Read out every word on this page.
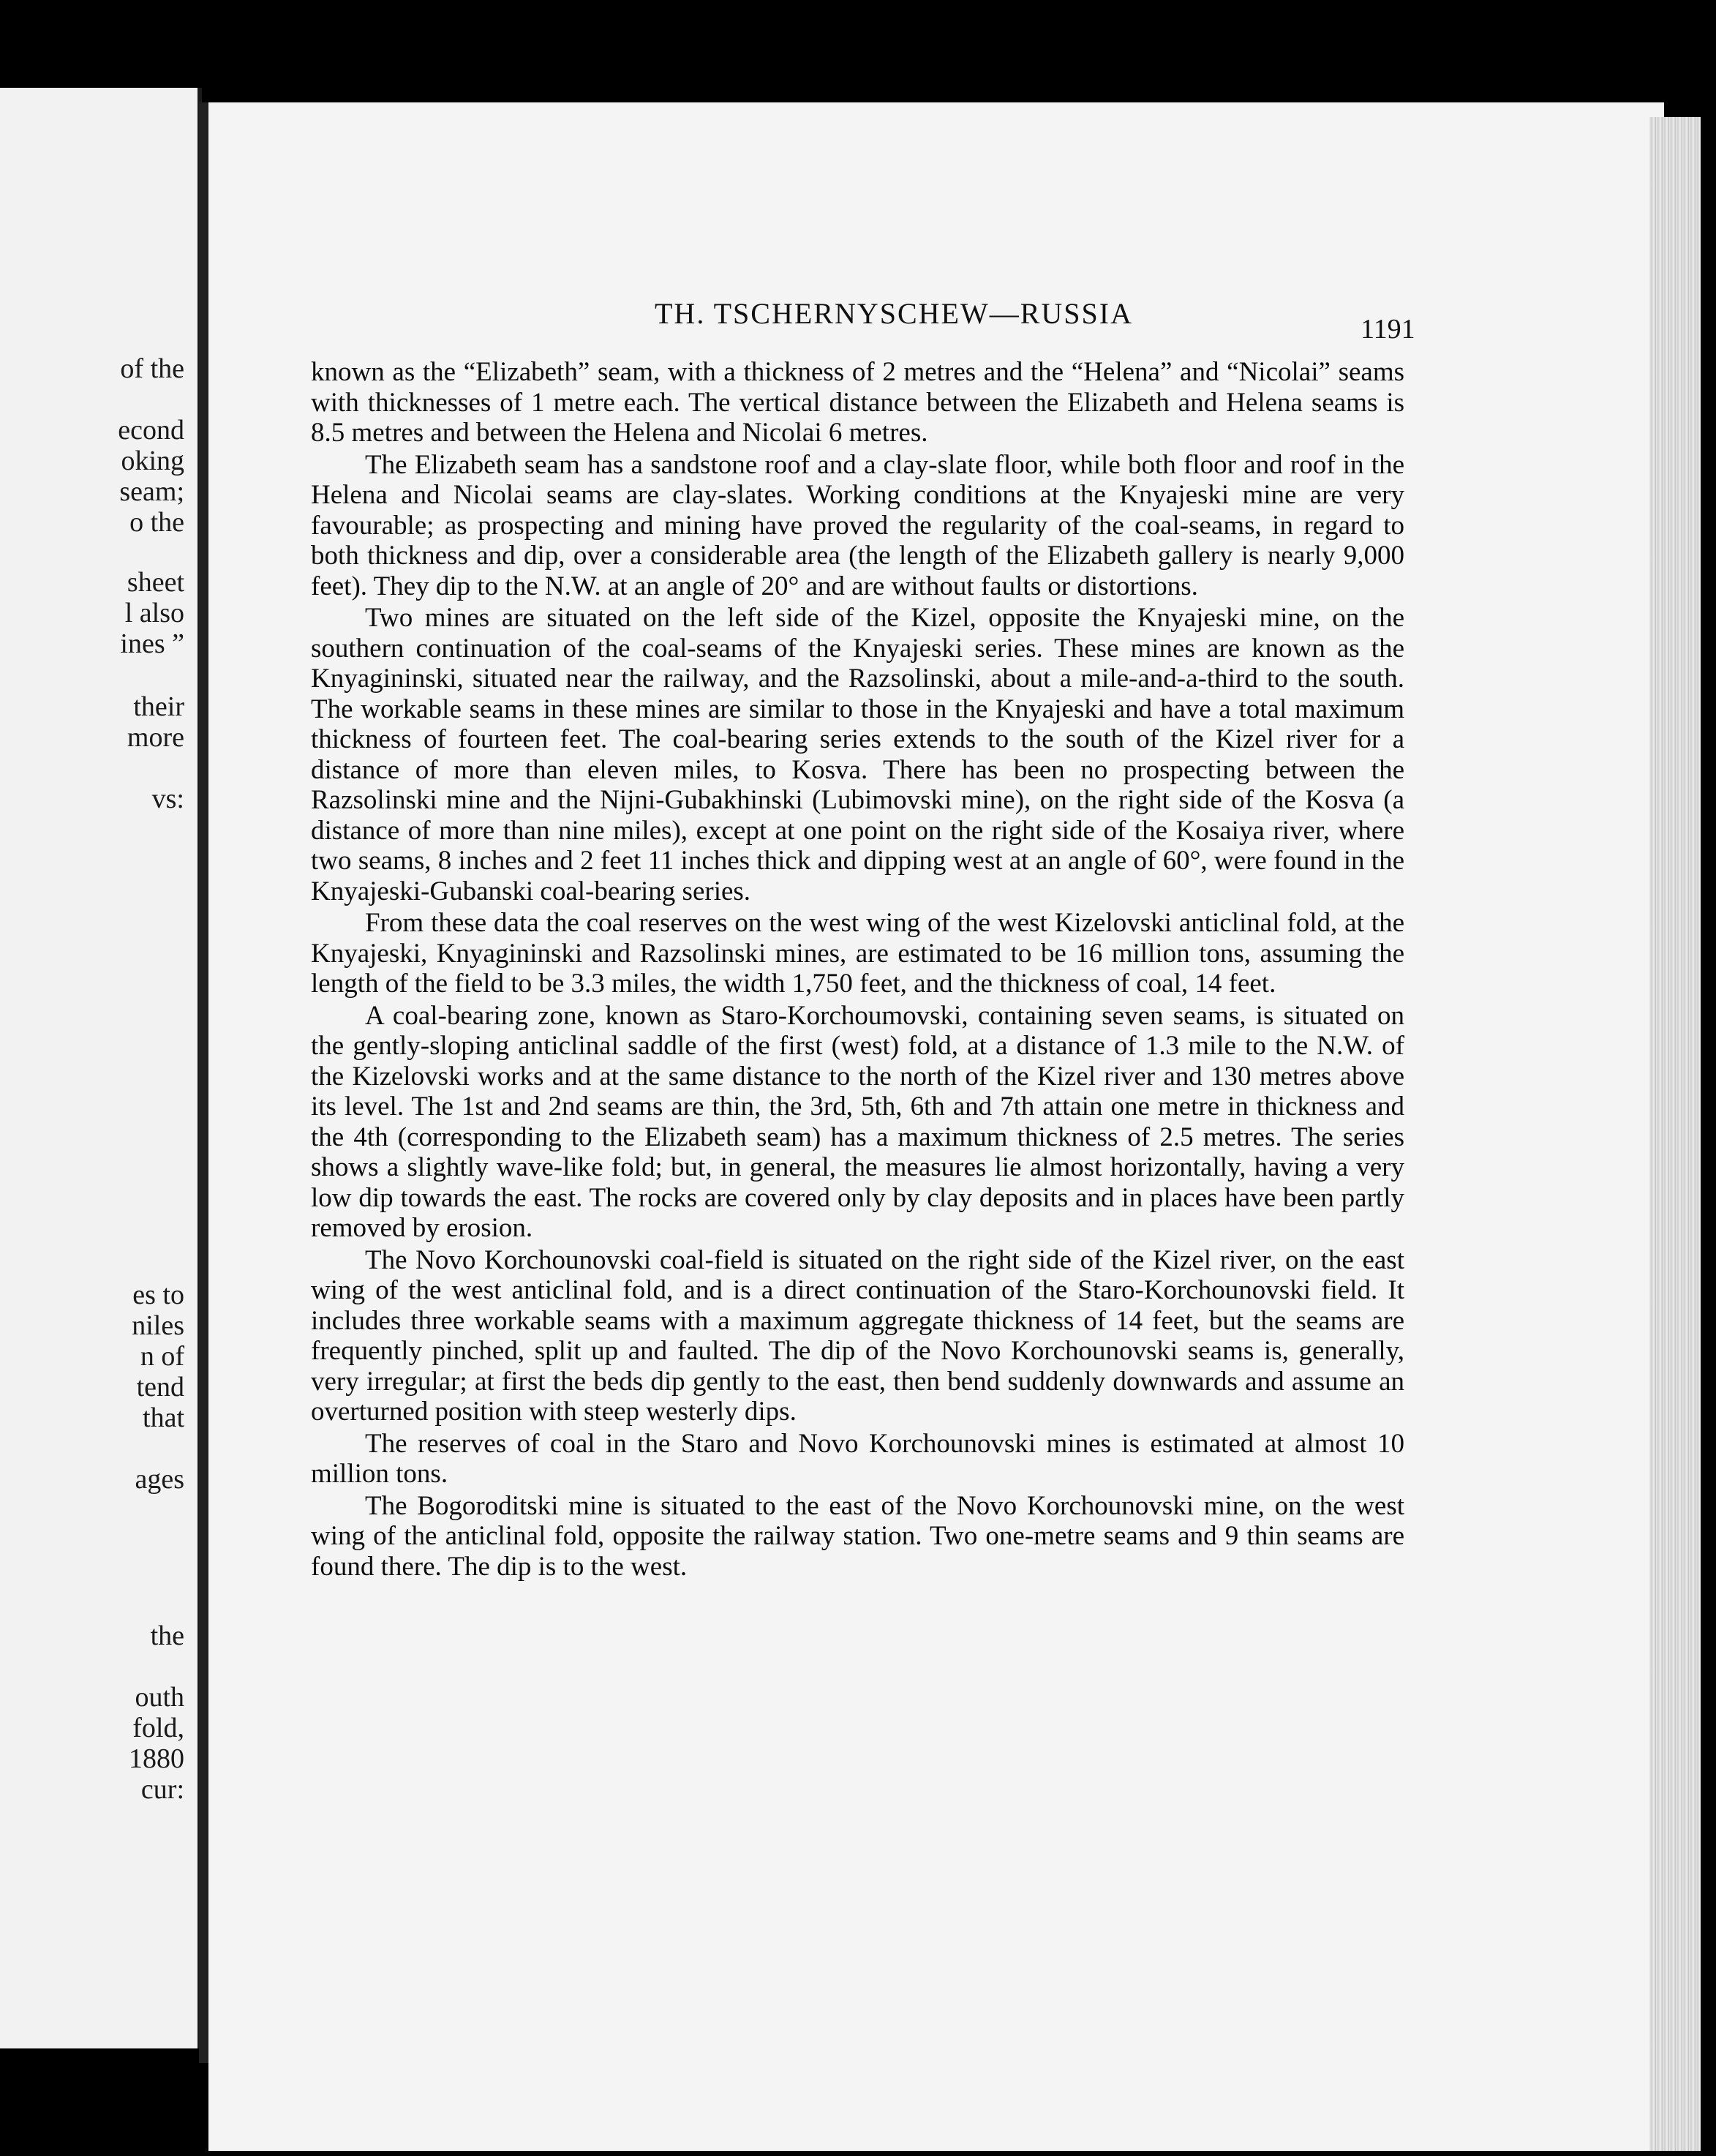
of the
econd
oking
seam;
o the
sheet
l also
ines ”
their
more
vs:
es to
niles
n of
tend
that
ages
the
outh
fold,
1880
cur:
TH. TSCHERNYSCHEW—RUSSIA	1191

known as the “Elizabeth” seam, with a thickness of 2 metres and the “Helena” and “Nicolai” seams with thicknesses of 1 metre each. The vertical distance between the Elizabeth and Helena seams is 8.5 metres and between the Helena and Nicolai 6 metres.

The Elizabeth seam has a sandstone roof and a clay-slate floor, while both floor and roof in the Helena and Nicolai seams are clay-slates. Working conditions at the Knyajeski mine are very favourable; as prospecting and mining have proved the regularity of the coal-seams, in regard to both thickness and dip, over a considerable area (the length of the Elizabeth gallery is nearly 9,000 feet). They dip to the N.W. at an angle of 20° and are without faults or distortions.

Two mines are situated on the left side of the Kizel, opposite the Knyajeski mine, on the southern continuation of the coal-seams of the Knyajeski series. These mines are known as the Knyagininski, situated near the railway, and the Razsolinski, about a mile-and-a-third to the south. The workable seams in these mines are similar to those in the Knyajeski and have a total maximum thickness of fourteen feet. The coal-bearing series extends to the south of the Kizel river for a distance of more than eleven miles, to Kosva. There has been no prospecting between the Razsolinski mine and the Nijni-Gubakhinski (Lubimovski mine), on the right side of the Kosva (a distance of more than nine miles), except at one point on the right side of the Kosaiya river, where two seams, 8 inches and 2 feet 11 inches thick and dipping west at an angle of 60°, were found in the Knyajeski-Gubanski coal-bearing series.

From these data the coal reserves on the west wing of the west Kizelovski anticlinal fold, at the Knyajeski, Knyagininski and Razsolinski mines, are estimated to be 16 million tons, assuming the length of the field to be 3.3 miles, the width 1,750 feet, and the thickness of coal, 14 feet.

A coal-bearing zone, known as Staro-Korchoumovski, containing seven seams, is situated on the gently-sloping anticlinal saddle of the first (west) fold, at a distance of 1.3 mile to the N.W. of the Kizelovski works and at the same distance to the north of the Kizel river and 130 metres above its level. The 1st and 2nd seams are thin, the 3rd, 5th, 6th and 7th attain one metre in thickness and the 4th (corresponding to the Elizabeth seam) has a maximum thickness of 2.5 metres. The series shows a slightly wave-like fold; but, in general, the measures lie almost horizontally, having a very low dip towards the east. The rocks are covered only by clay deposits and in places have been partly removed by erosion.

The Novo Korchounovski coal-field is situated on the right side of the Kizel river, on the east wing of the west anticlinal fold, and is a direct continuation of the Staro-Korchounovski field. It includes three workable seams with a maximum aggregate thickness of 14 feet, but the seams are frequently pinched, split up and faulted. The dip of the Novo Korchounovski seams is, generally, very irregular; at first the beds dip gently to the east, then bend suddenly downwards and assume an overturned position with steep westerly dips.

The reserves of coal in the Staro and Novo Korchounovski mines is estimated at almost 10 million tons.

The Bogoroditski mine is situated to the east of the Novo Korchounovski mine, on the west wing of the anticlinal fold, opposite the railway station. Two one-metre seams and 9 thin seams are found there. The dip is to the west.
